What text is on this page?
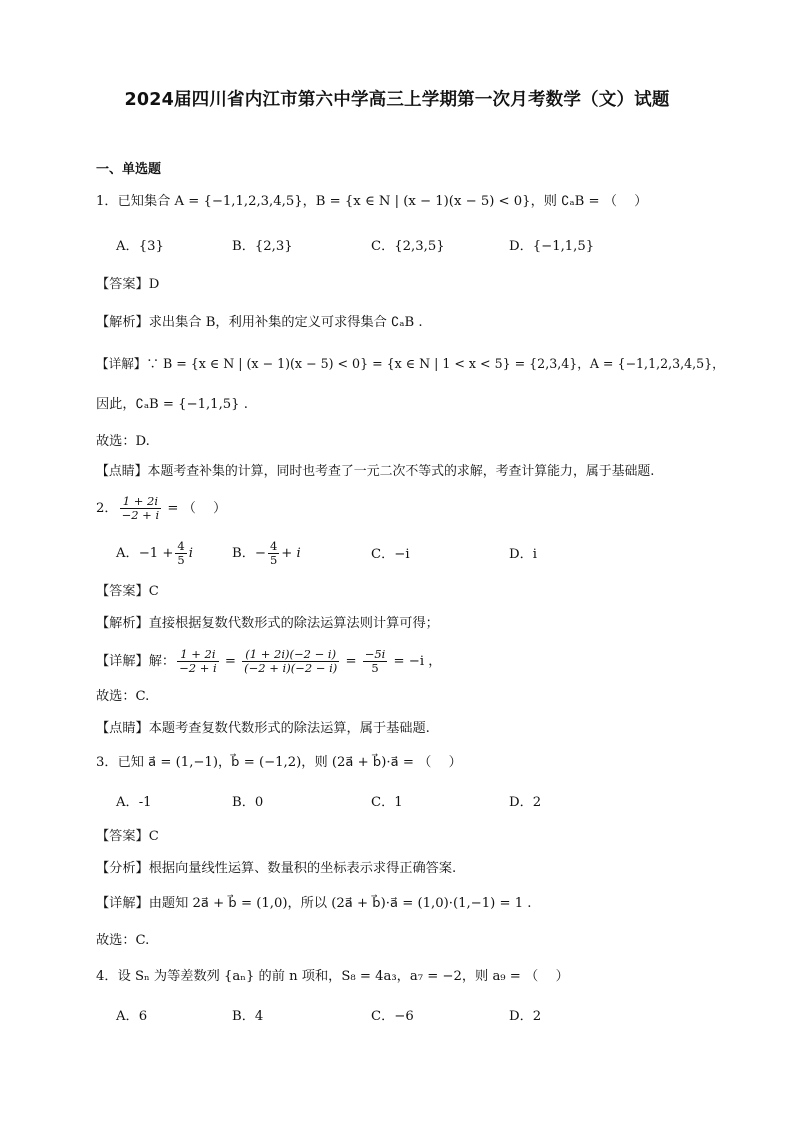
2024届四川省内江市第六中学高三上学期第一次月考数学（文）试题
一、单选题
1．已知集合 A = {−1,1,2,3,4,5}，B = {x ∈ N | (x − 1)(x − 5) < 0}，则 ∁ₐB = （　 ）
A．{3}	B．{2,3}	C．{2,3,5}	D．{−1,1,5}
【答案】D
【解析】求出集合 B，利用补集的定义可求得集合 ∁ₐB .
【详解】∵ B = {x ∈ N | (x − 1)(x − 5) < 0} = {x ∈ N | 1 < x < 5} = {2,3,4}，A = {−1,1,2,3,4,5}，
因此，∁ₐB = {−1,1,5} .
故选：D.
【点睛】本题考查补集的计算，同时也考查了一元二次不等式的求解，考查计算能力，属于基础题.
2． $\frac{1 + 2i}{-2 + i}$ = （　 ）
A．$-1 + \frac{4}{5}$ i	B．− $\frac{4}{5} + i$	C．−i	D．i
【答案】C
【解析】直接根据复数代数形式的除法运算法则计算可得；
【详解】解： $\frac{1 + 2i}{-2 + i} = \frac{(1 + 2i)(-2 - i)}{(-2 + i)(-2 - i)} = \frac{-5i}{5} = -i$ ，
故选：C.
【点睛】本题考查复数代数形式的除法运算，属于基础题.
3．已知 a⃗ = (1,−1)，b⃗ = (−1,2)，则 (2a⃗ + b⃗)·a⃗ = （　 ）
A．-1	B．0	C．1	D．2
【答案】C
【分析】根据向量线性运算、数量积的坐标表示求得正确答案.
【详解】由题知 2a⃗ + b⃗ = (1,0)，所以 (2a⃗ + b⃗)·a⃗ = (1,0)·(1,−1) = 1 .
故选：C.
4．设 Sₙ 为等差数列 {aₙ} 的前 n 项和，S₈ = 4a₃，a₇ = −2，则 a₉ = （　 ）
A．6	B．4	C．−6	D．2
